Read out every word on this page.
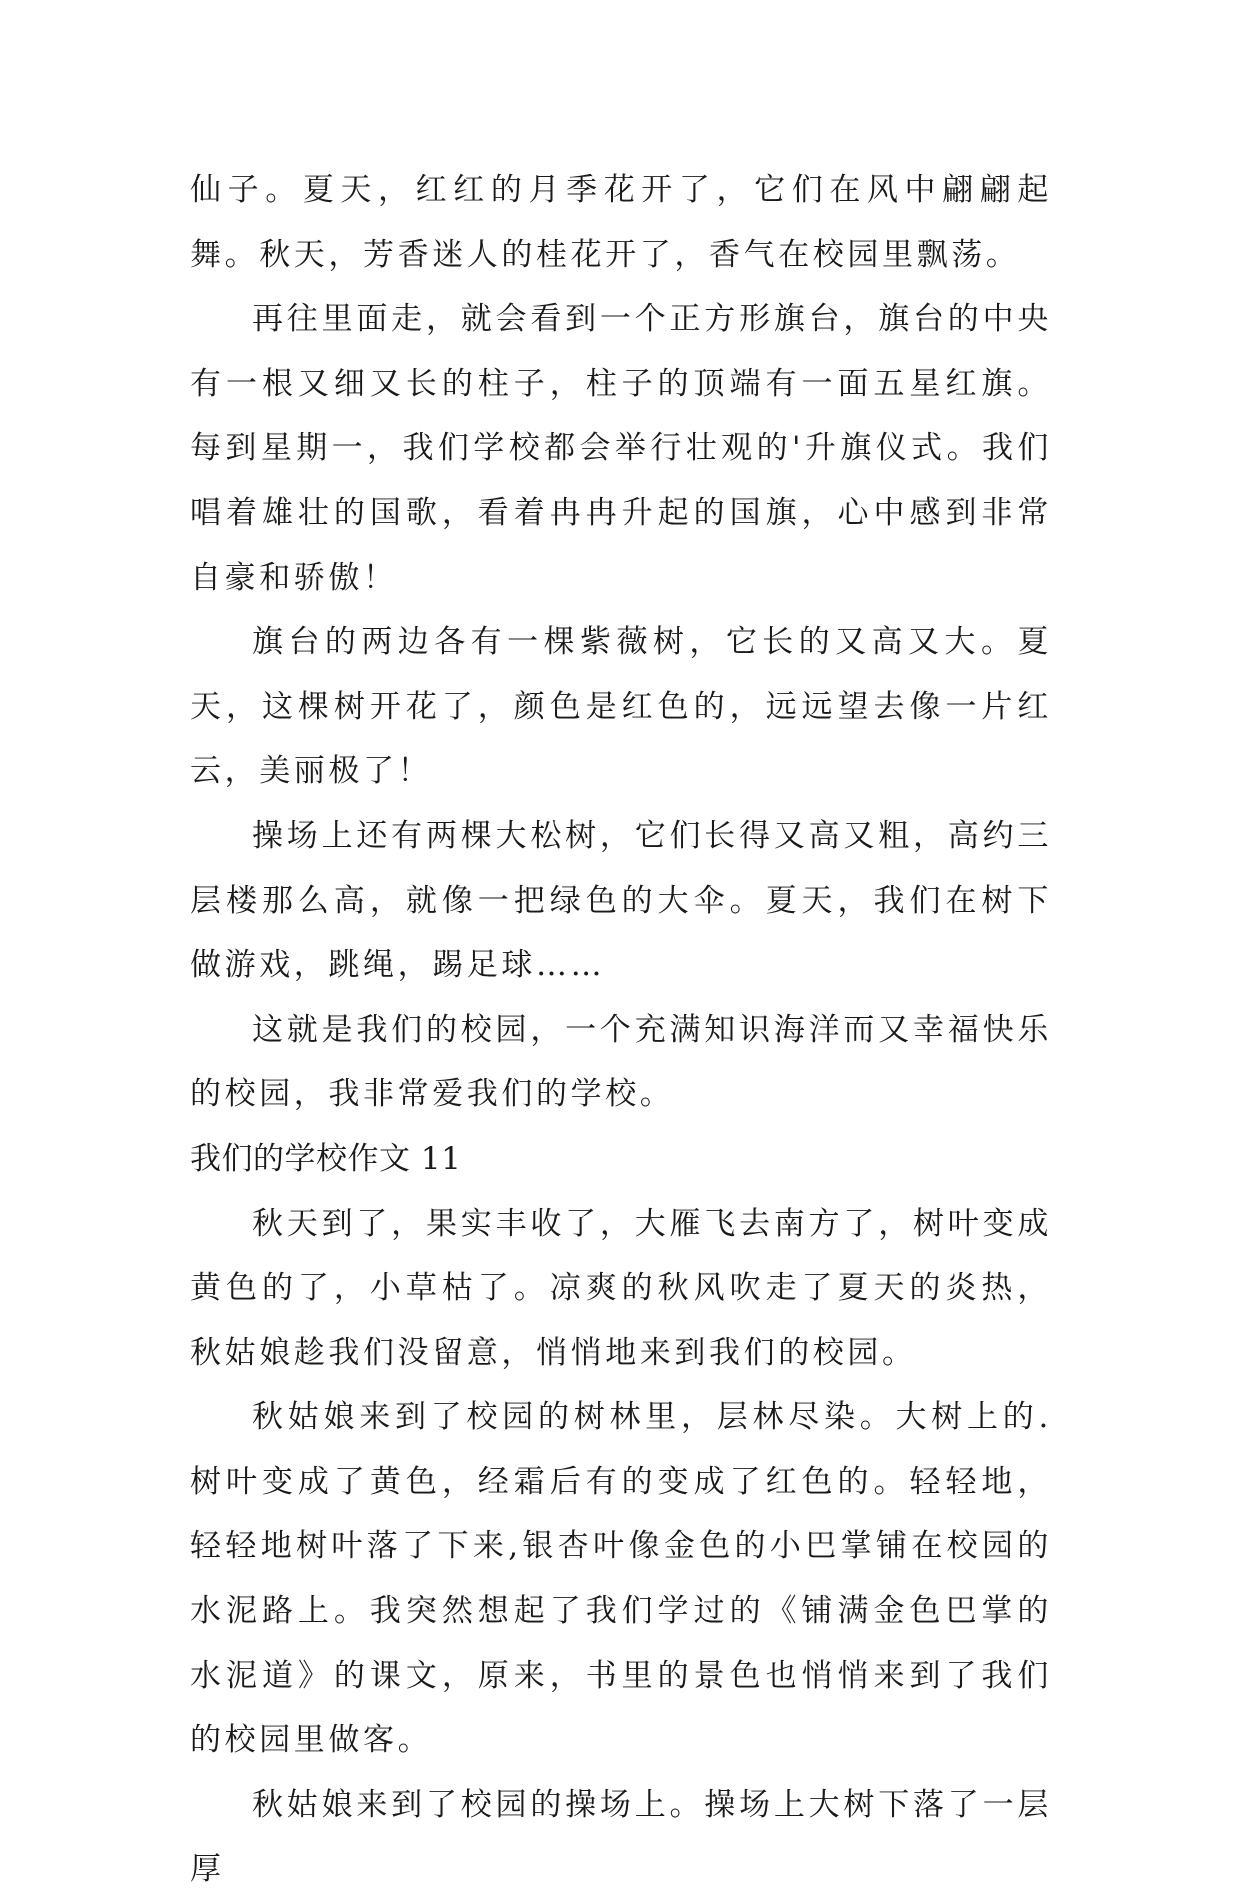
仙子。夏天，红红的月季花开了，它们在风中翩翩起舞。秋天，芳香迷人的桂花开了，香气在校园里飘荡。

再往里面走，就会看到一个正方形旗台，旗台的中央有一根又细又长的柱子，柱子的顶端有一面五星红旗。每到星期一，我们学校都会举行壮观的'升旗仪式。我们唱着雄壮的国歌，看着冉冉升起的国旗，心中感到非常自豪和骄傲！

旗台的两边各有一棵紫薇树，它长的又高又大。夏天，这棵树开花了，颜色是红色的，远远望去像一片红云，美丽极了！

操场上还有两棵大松树，它们长得又高又粗，高约三层楼那么高，就像一把绿色的大伞。夏天，我们在树下做游戏，跳绳，踢足球……

这就是我们的校园，一个充满知识海洋而又幸福快乐的校园，我非常爱我们的学校。

我们的学校作文 11

秋天到了，果实丰收了，大雁飞去南方了，树叶变成黄色的了，小草枯了。凉爽的秋风吹走了夏天的炎热，秋姑娘趁我们没留意，悄悄地来到我们的校园。

秋姑娘来到了校园的树林里，层林尽染。大树上的.树叶变成了黄色，经霜后有的变成了红色的。轻轻地，轻轻地树叶落了下来,银杏叶像金色的小巴掌铺在校园的水泥路上。我突然想起了我们学过的《铺满金色巴掌的水泥道》的课文，原来，书里的景色也悄悄来到了我们的校园里做客。

秋姑娘来到了校园的操场上。操场上大树下落了一层厚
